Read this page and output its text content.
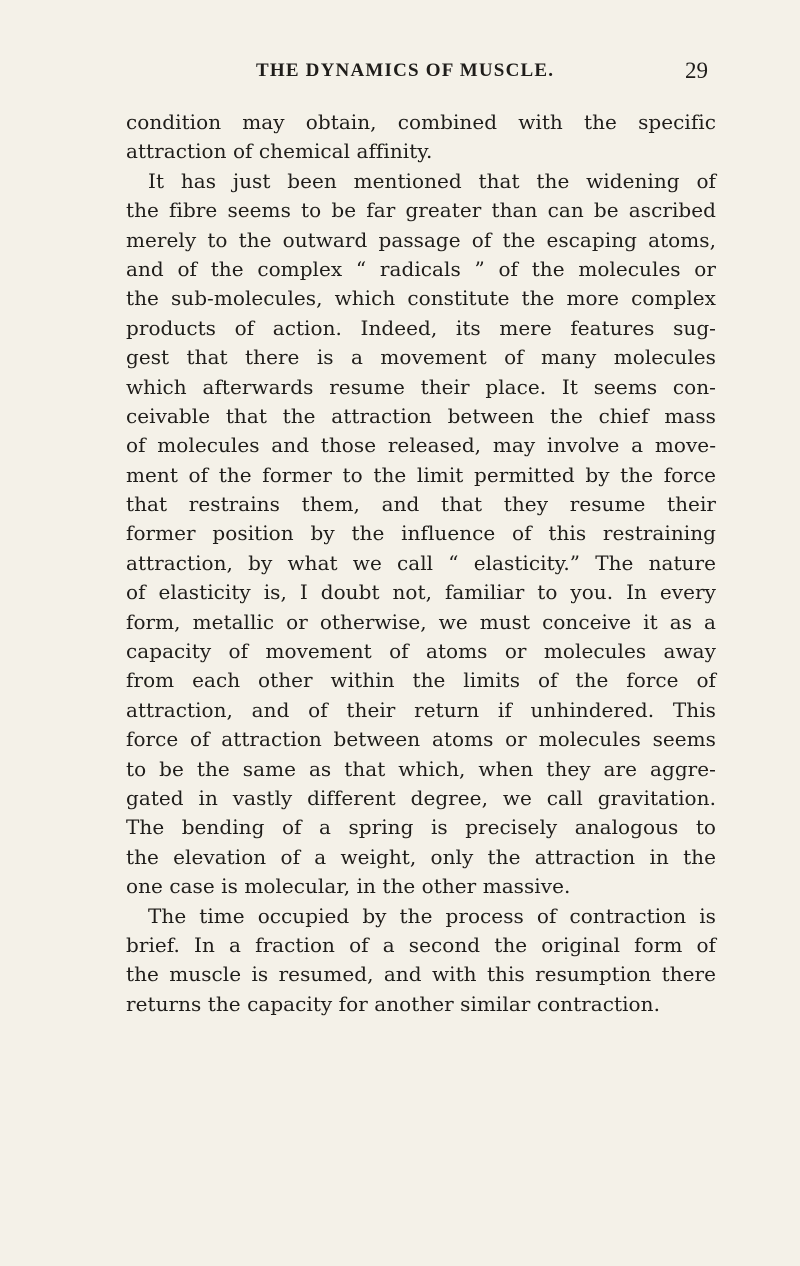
THE DYNAMICS OF MUSCLE.	29
condition may obtain, combined with the specific
attraction of chemical affinity.
It has just been mentioned that the widening of
the fibre seems to be far greater than can be ascribed
merely to the outward passage of the escaping atoms,
and of the complex “ radicals ” of the molecules or
the sub-molecules, which constitute the more complex
products of action. Indeed, its mere features sug-
gest that there is a movement of many molecules
which afterwards resume their place. It seems con-
ceivable that the attraction between the chief mass
of molecules and those released, may involve a move-
ment of the former to the limit permitted by the force
that restrains them, and that they resume their
former position by the influence of this restraining
attraction, by what we call “ elasticity.” The nature
of elasticity is, I doubt not, familiar to you. In every
form, metallic or otherwise, we must conceive it as a
capacity of movement of atoms or molecules away
from each other within the limits of the force of
attraction, and of their return if unhindered. This
force of attraction between atoms or molecules seems
to be the same as that which, when they are aggre-
gated in vastly different degree, we call gravitation.
The bending of a spring is precisely analogous to
the elevation of a weight, only the attraction in the
one case is molecular, in the other massive.
The time occupied by the process of contraction is
brief. In a fraction of a second the original form of
the muscle is resumed, and with this resumption there
returns the capacity for another similar contraction.
